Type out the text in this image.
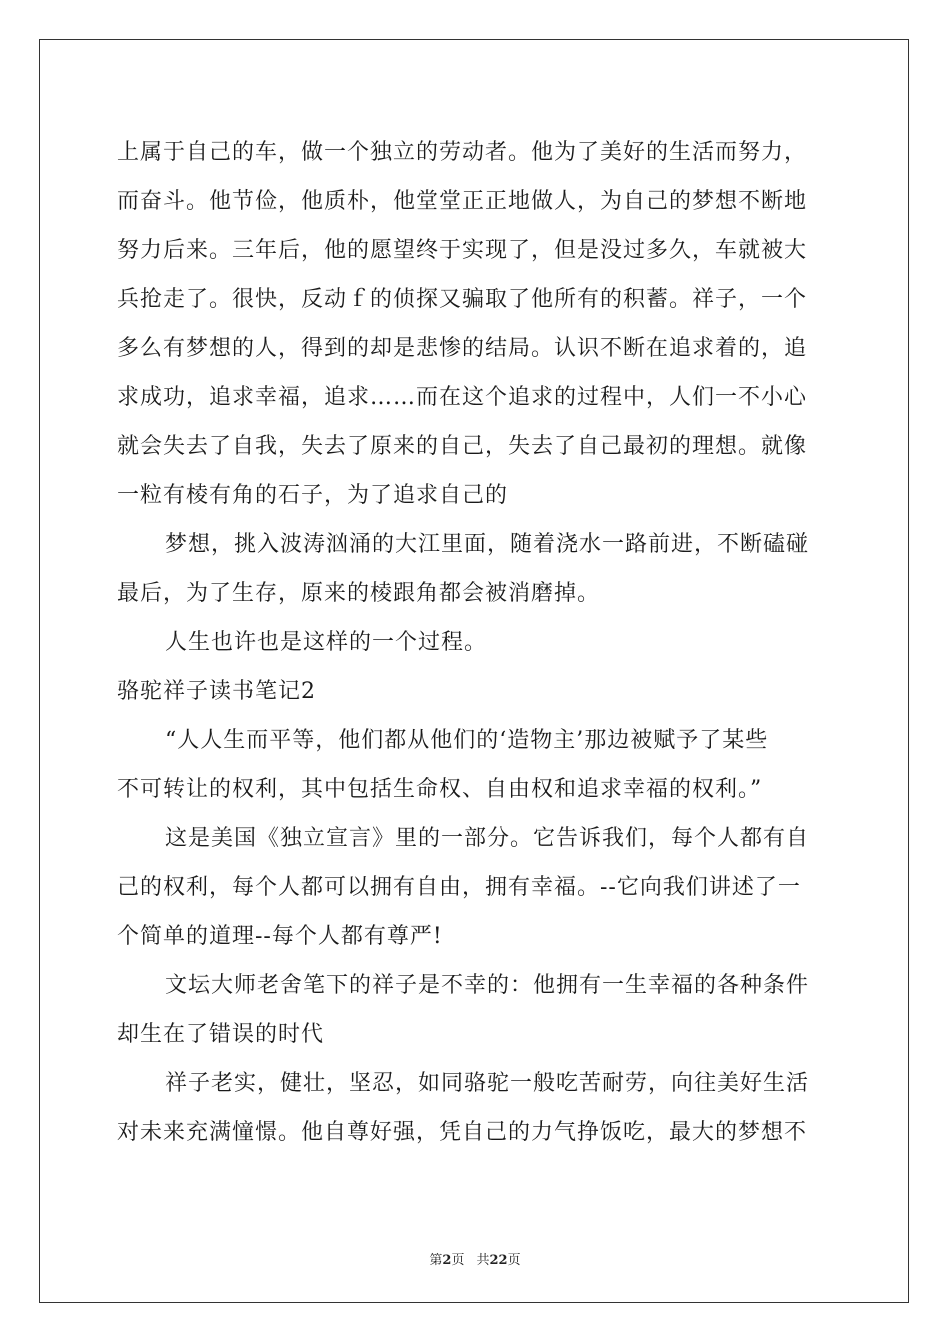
上属于自己的车，做一个独立的劳动者。他为了美好的生活而努力，
而奋斗。他节俭，他质朴，他堂堂正正地做人，为自己的梦想不断地
努力后来。三年后，他的愿望终于实现了，但是没过多久，车就被大
兵抢走了。很快，反动ｆ的侦探又骗取了他所有的积蓄。祥子，一个
多么有梦想的人，得到的却是悲惨的结局。认识不断在追求着的，追
求成功，追求幸福，追求……而在这个追求的过程中，人们一不小心
就会失去了自我，失去了原来的自己，失去了自己最初的理想。就像
一粒有棱有角的石子，为了追求自己的
梦想，挑入波涛汹涌的大江里面，随着浇水一路前进，不断磕碰
最后，为了生存，原来的棱跟角都会被消磨掉。
人生也许也是这样的一个过程。
骆驼祥子读书笔记2
“人人生而平等，他们都从他们的‘造物主’那边被赋予了某些
不可转让的权利，其中包括生命权、自由权和追求幸福的权利。”
这是美国《独立宣言》里的一部分。它告诉我们，每个人都有自
己的权利，每个人都可以拥有自由，拥有幸福。--它向我们讲述了一
个简单的道理--每个人都有尊严!
文坛大师老舍笔下的祥子是不幸的：他拥有一生幸福的各种条件
却生在了错误的时代
祥子老实，健壮，坚忍，如同骆驼一般吃苦耐劳，向往美好生活
对未来充满憧憬。他自尊好强，凭自己的力气挣饭吃，最大的梦想不
第2页 共22页
